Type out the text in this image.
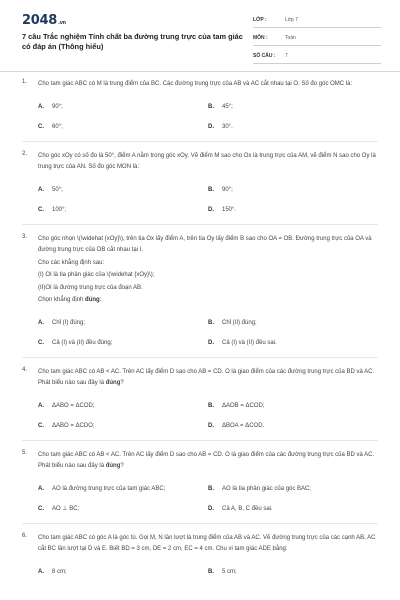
2048.vn
7 câu Trắc nghiệm Tính chất ba đường trung trực của tam giác có đáp án (Thông hiểu)
LỚP :	Lớp 7
MÔN :	Toán
SỐ CÂU :	7
1. Cho tam giác ABC có M là trung điểm của BC. Các đường trung trực của AB và AC cắt nhau tại O. Số đo góc OMC là:
A.	90°;	B.	45°;
C.	60°;	D.	30°.
2. Cho góc xOy có số đo là 50°, điểm A nằm trong góc xOy. Vẽ điểm M sao cho Ox là trung trực của AM, vẽ điểm N sao cho Oy là trung trực của AN. Số đo góc MON là:
A.	50°;	B.	90°;
C.	100°;	D.	150°.
3. Cho góc nhọn \(\widehat {xOy}\), trên tia Ox lấy điểm A, trên tia Oy lấy điểm B sao cho OA = OB. Đường trung trực của OA và đường trung trực của OB cắt nhau tại I.
Cho các khẳng định sau:
(I) OI là tia phân giác của \(\widehat {xOy}\);
(II)OI là đường trung trực của đoạn AB.
Chọn khẳng định đúng:
A.	Chỉ (I) đúng;	B.	Chỉ (II) đúng;
C.	Cả (I) và (II) đều đúng;	D.	Cả (I) và (II) đều sai.
4. Cho tam giác ABC có AB < AC. Trên AC lấy điểm D sao cho AB = CD. O là giao điểm của các đường trung trực của BD và AC. Phát biểu nào sau đây là đúng?
A.	ΔABO = ΔCOD;	B.	ΔAOB = ΔCOD;
C.	ΔABO = ΔCDO;	D.	ΔBOA = ΔCOD.
5. Cho tam giác ABC có AB < AC. Trên AC lấy điểm D sao cho AB = CD. O là giao điểm của các đường trung trực của BD và AC. Phát biểu nào sau đây là đúng?
A.	AO là đường trung trực của tam giác ABC;	B.	AO là tia phân giác của góc BAC;
C.	AO ⊥ BC;	D.	Cả A, B, C đều sai.
6. Cho tam giác ABC có góc A là góc tù. Gọi M, N lần lượt là trung điểm của AB và AC. Vẽ đường trung trực của các cạnh AB, AC cắt BC lần lượt tại D và E. Biết BD = 3 cm, DE = 2 cm, EC = 4 cm. Chu vi tam giác ADE bằng:
A.	8 cm;	B.	5 cm;
